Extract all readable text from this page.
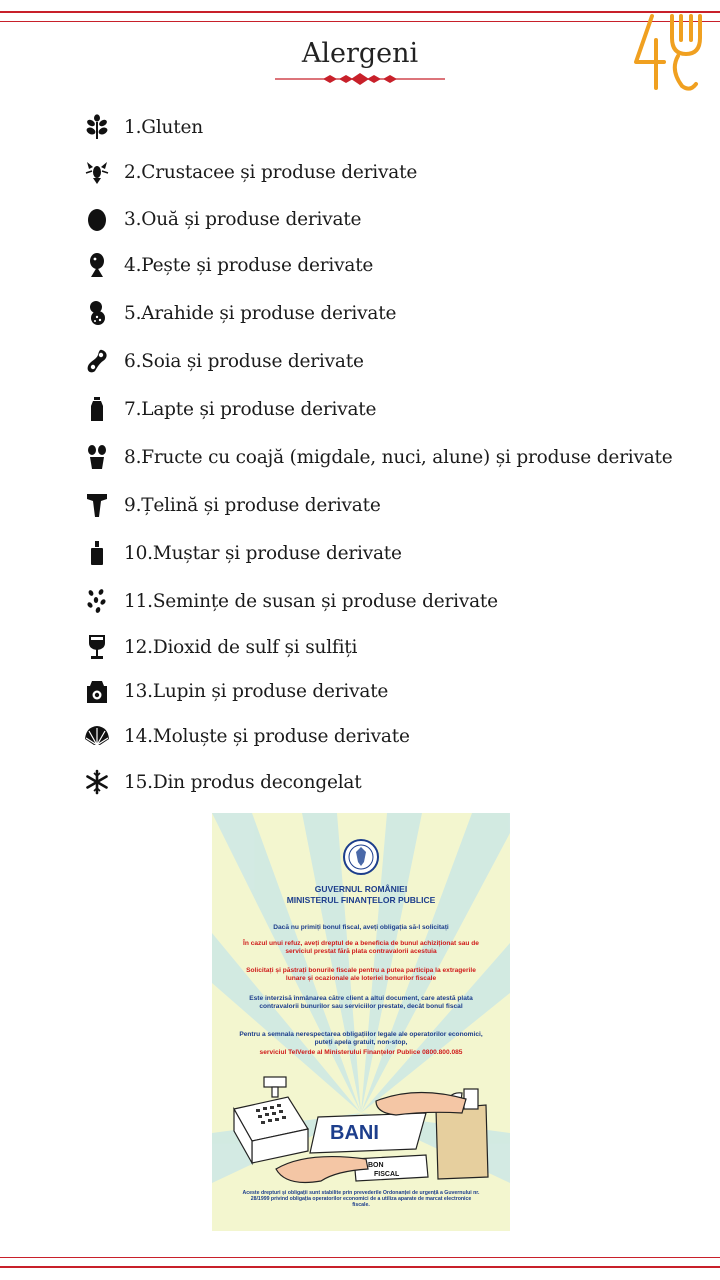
Alergeni
1.Gluten
2.Crustacee și produse derivate
3.Ouă și produse derivate
4.Pește și produse derivate
5.Arahide și produse derivate
6.Soia și produse derivate
7.Lapte și produse derivate
8.Fructe cu coajă (migdale, nuci, alune) și produse derivate
9.Țelină și produse derivate
10.Muștar și produse derivate
11.Semințe de susan și produse derivate
12.Dioxid de sulf și sulfiți
13.Lupin și produse derivate
14.Moluște și produse derivate
15.Din produs decongelat
GUVERNUL ROMÂNIEI
MINISTERUL FINANȚELOR PUBLICE
Dacă nu primiți bonul fiscal, aveți obligația să-l solicitați
În cazul unui refuz, aveți dreptul de a beneficia de bunul achiziționat sau de serviciul prestat fără plata contravalorii acestuia
Solicitați și păstrați bonurile fiscale pentru a putea participa la extragerile lunare și ocazionale ale loteriei bonurilor fiscale
Este interzisă înmânarea către client a altui document, care atestă plata contravalorii bunurilor sau serviciilor prestate, decât bonul fiscal
Pentru a semnala nerespectarea obligațiilor legale ale operatorilor economici, puteți apela gratuit, non-stop,
serviciul TelVerde al Ministerului Finanțelor Publice 0800.800.085
BANI
BON
FISCAL
Aceste drepturi și obligații sunt stabilite prin prevederile Ordonanței de urgență a Guvernului nr. 28/1999 privind obligația operatorilor economici de a utiliza aparate de marcat electronice fiscale.
